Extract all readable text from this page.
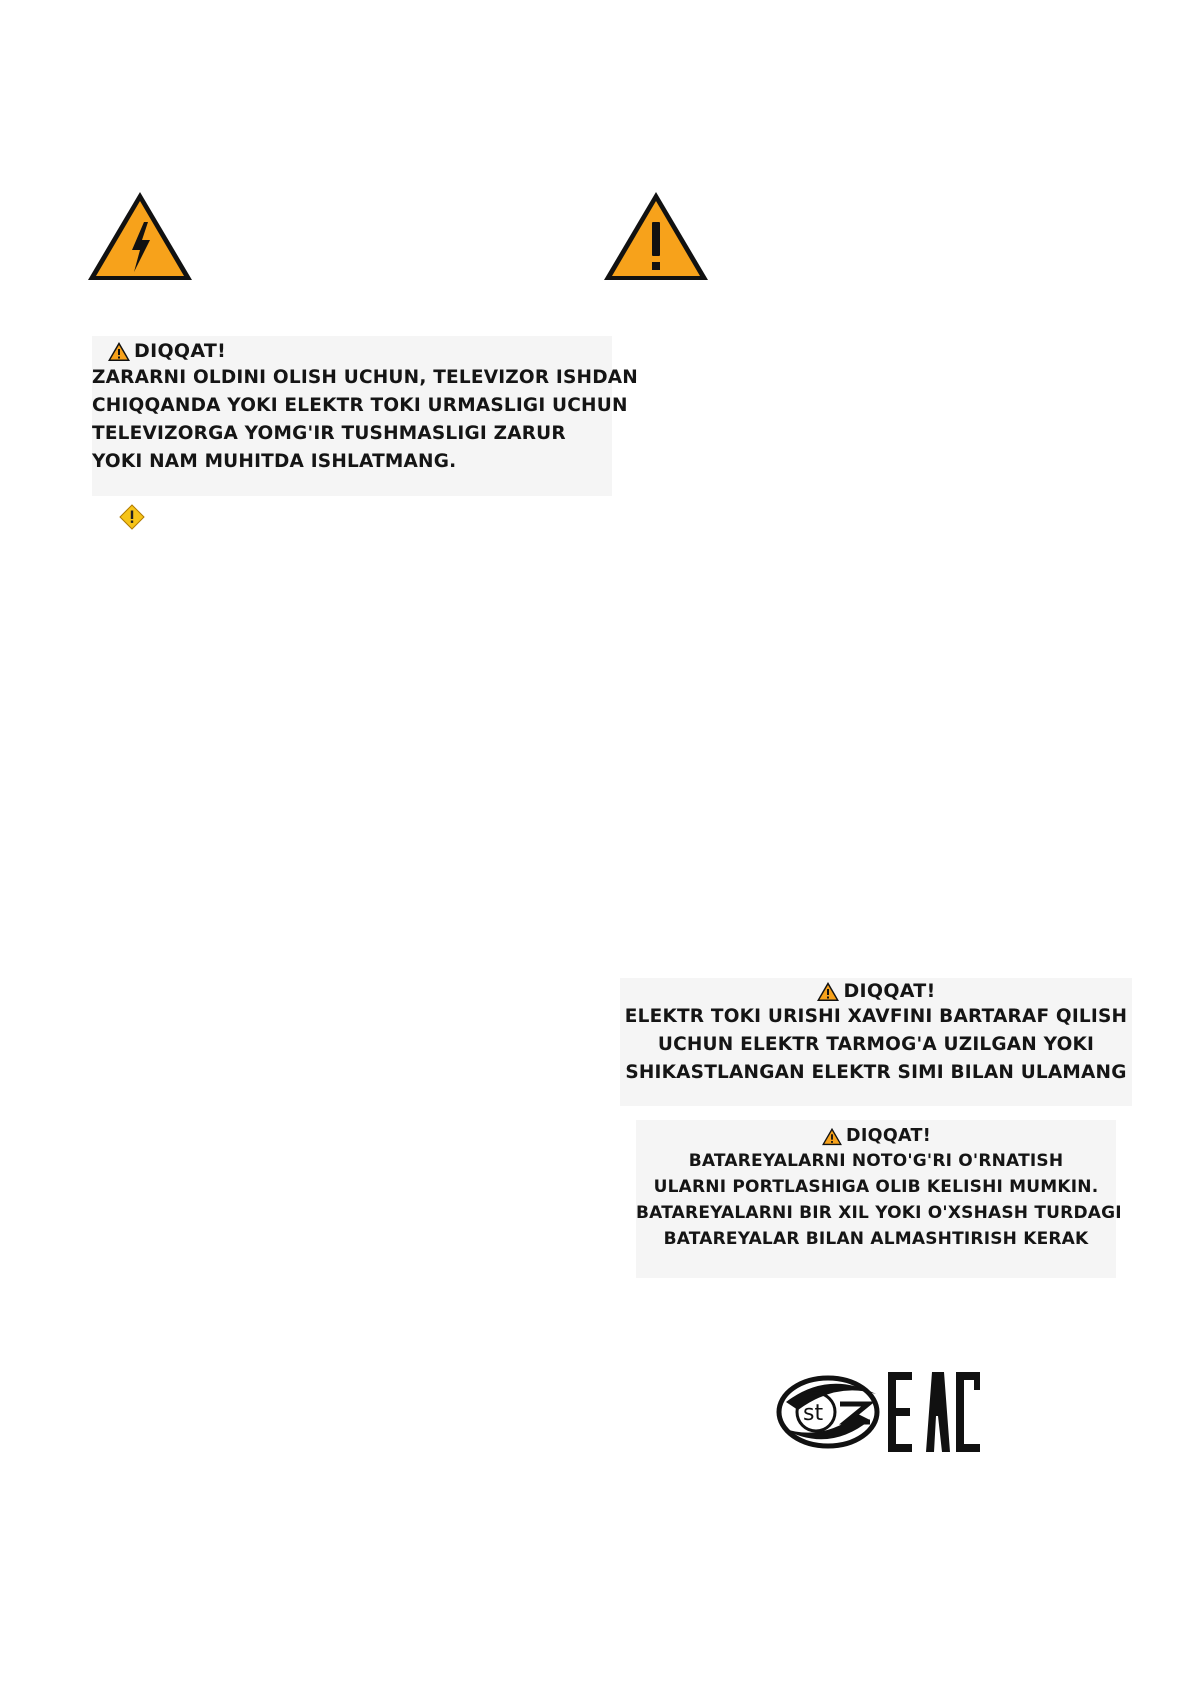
DIQQAT!
ZARARNI OLDINI OLISH UCHUN, TELEVIZOR ISHDAN
CHIQQANDA YOKI ELEKTR TOKI URMASLIGI UCHUN
TELEVIZORGA YOMG'IR TUSHMASLIGI ZARUR
YOKI NAM MUHITDA ISHLATMANG.
DIQQAT!
ELEKTR TOKI URISHI XAVFINI BARTARAF QILISH
UCHUN ELEKTR TARMOG'A UZILGAN YOKI
SHIKASTLANGAN ELEKTR SIMI BILAN ULAMANG
DIQQAT!
BATAREYALARNI NOTO'G'RI O'RNATISH
ULARNI PORTLASHIGA OLIB KELISHI MUMKIN.
BATAREYALARNI BIR XIL YOKI O'XSHASH TURDAGI
BATAREYALAR BILAN ALMASHTIRISH KERAK
st
